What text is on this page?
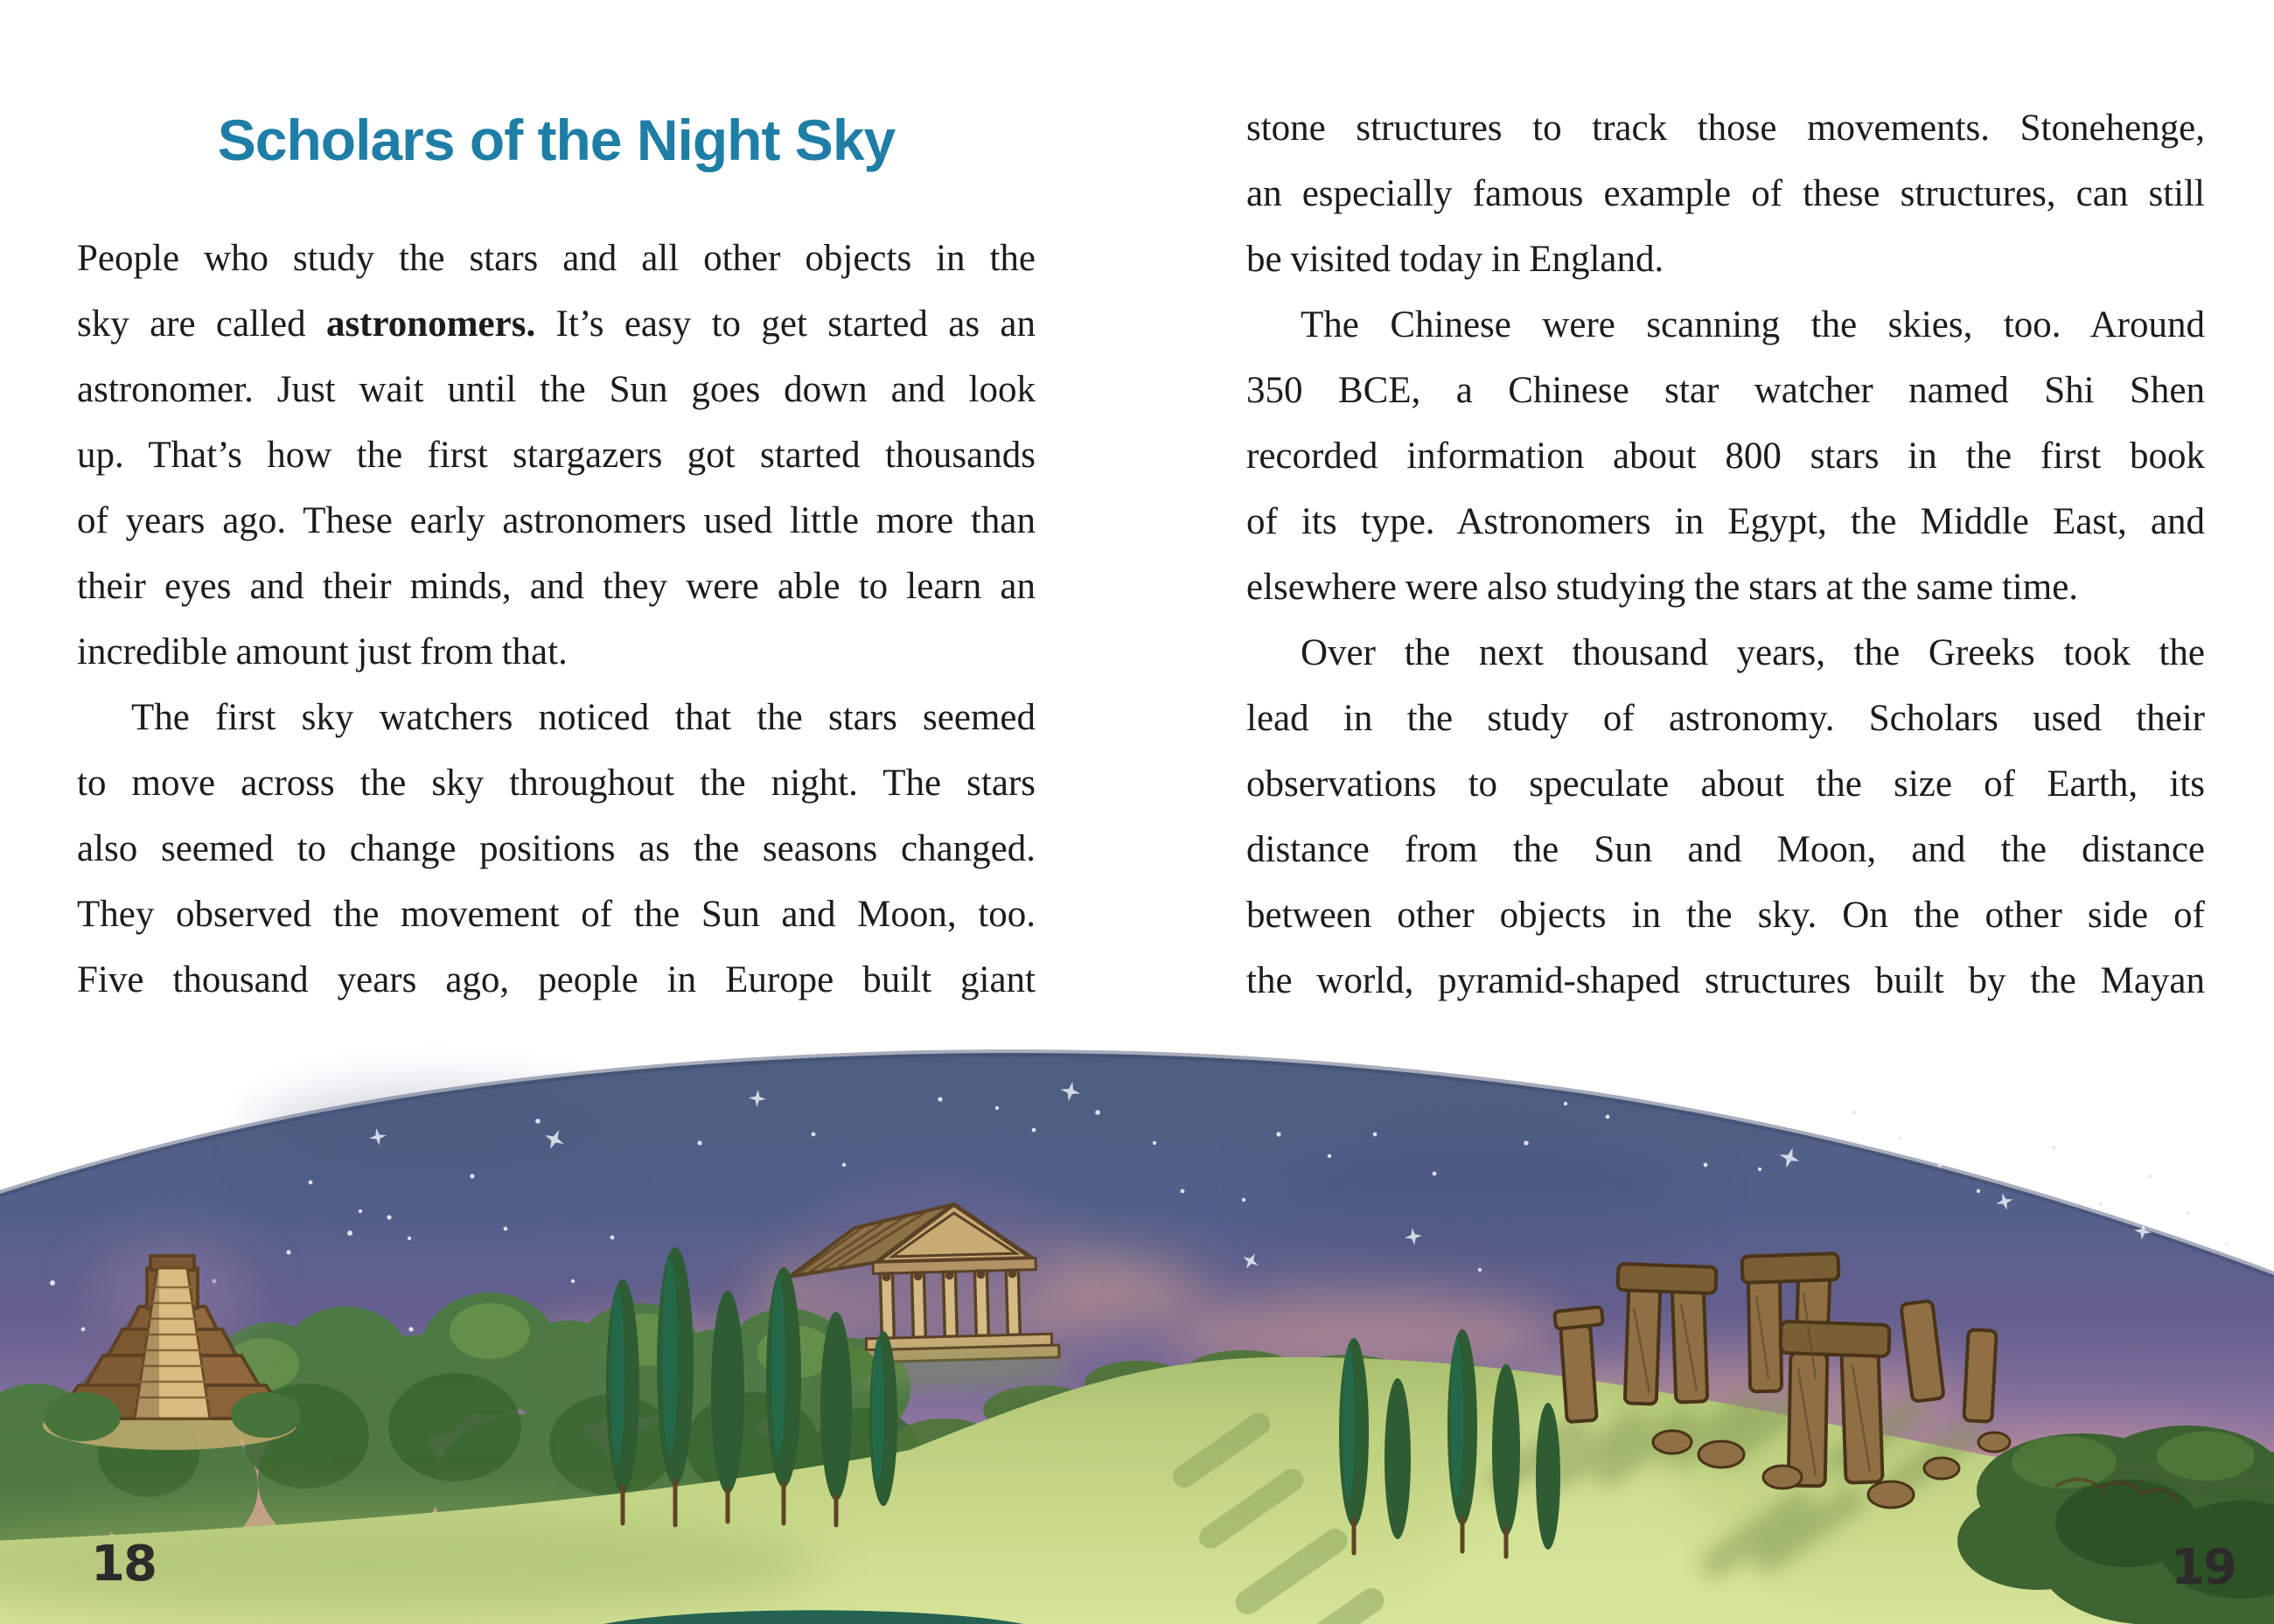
Scholars of the Night Sky
People who study the stars and all other objects in the
sky are called astronomers. It’s easy to get started as an
astronomer. Just wait until the Sun goes down and look
up. That’s how the first stargazers got started thousands
of years ago. These early astronomers used little more than
their eyes and their minds, and they were able to learn an
incredible amount just from that.
The first sky watchers noticed that the stars seemed
to move across the sky throughout the night. The stars
also seemed to change positions as the seasons changed.
They observed the movement of the Sun and Moon, too.
Five thousand years ago, people in Europe built giant
stone structures to track those movements. Stonehenge,
an especially famous example of these structures, can still
be visited today in England.
The Chinese were scanning the skies, too. Around
350 BCE, a Chinese star watcher named Shi Shen
recorded information about 800 stars in the first book
of its type. Astronomers in Egypt, the Middle East, and
elsewhere were also studying the stars at the same time.
Over the next thousand years, the Greeks took the
lead in the study of astronomy. Scholars used their
observations to speculate about the size of Earth, its
distance from the Sun and Moon, and the distance
between other objects in the sky. On the other side of
the world, pyramid-shaped structures built by the Mayan
18	19
